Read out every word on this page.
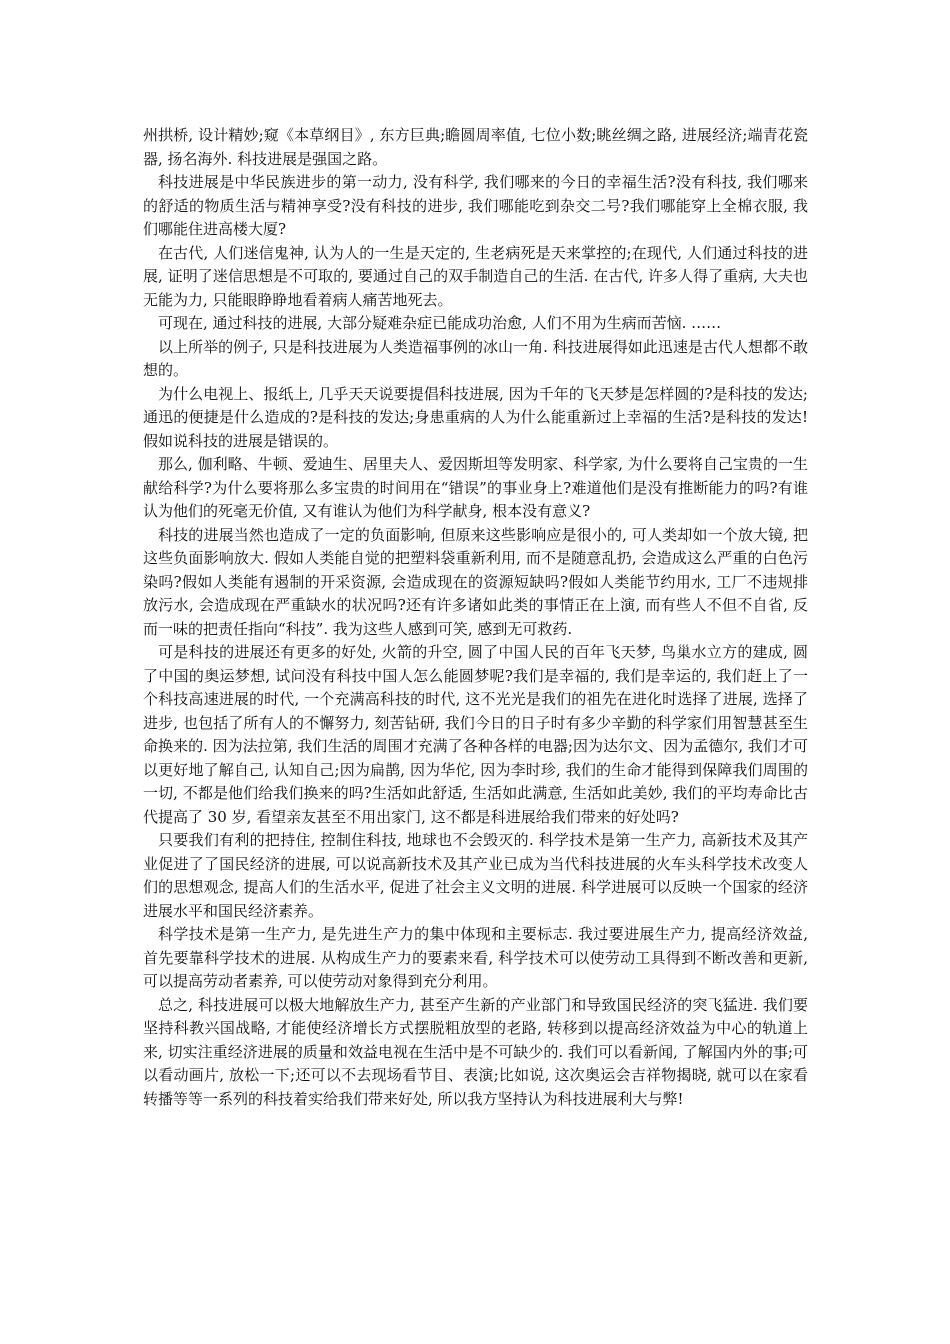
州拱桥, 设计精妙;窥《本草纲目》, 东方巨典;瞻圆周率值, 七位小数;眺丝绸之路, 进展经济;端青花瓷器, 扬名海外. 科技进展是强国之路。

科技进展是中华民族进步的第一动力, 没有科学, 我们哪来的今日的幸福生活?没有科技, 我们哪来的舒适的物质生活与精神享受?没有科技的进步, 我们哪能吃到杂交二号?我们哪能穿上全棉衣服, 我们哪能住进高楼大厦?

在古代, 人们迷信鬼神, 认为人的一生是天定的, 生老病死是天来掌控的;在现代, 人们通过科技的进展, 证明了迷信思想是不可取的, 要通过自己的双手制造自己的生活. 在古代, 许多人得了重病, 大夫也无能为力, 只能眼睁睁地看着病人痛苦地死去。

可现在, 通过科技的进展, 大部分疑难杂症已能成功治愈, 人们不用为生病而苦恼. ……

以上所举的例子, 只是科技进展为人类造福事例的冰山一角. 科技进展得如此迅速是古代人想都不敢想的。

为什么电视上、报纸上, 几乎天天说要提倡科技进展, 因为千年的飞天梦是怎样圆的?是科技的发达;通迅的便捷是什么造成的?是科技的发达;身患重病的人为什么能重新过上幸福的生活?是科技的发达!假如说科技的进展是错误的。

那么, 伽利略、牛顿、爱迪生、居里夫人、爱因斯坦等发明家、科学家, 为什么要将自己宝贵的一生献给科学?为什么要将那么多宝贵的时间用在“错误”的事业身上?难道他们是没有推断能力的吗?有谁认为他们的死毫无价值, 又有谁认为他们为科学献身, 根本没有意义?

科技的进展当然也造成了一定的负面影响, 但原来这些影响应是很小的, 可人类却如一个放大镜, 把这些负面影响放大. 假如人类能自觉的把塑料袋重新利用, 而不是随意乱扔, 会造成这么严重的白色污染吗?假如人类能有遏制的开采资源, 会造成现在的资源短缺吗?假如人类能节约用水, 工厂不违规排放污水, 会造成现在严重缺水的状况吗?还有许多诸如此类的事情正在上演, 而有些人不但不自省, 反而一味的把责任指向“科技”. 我为这些人感到可笑, 感到无可救药.

可是科技的进展还有更多的好处, 火箭的升空, 圆了中国人民的百年飞天梦, 鸟巢水立方的建成, 圆了中国的奥运梦想, 试问没有科技中国人怎么能圆梦呢?我们是幸福的, 我们是幸运的, 我们赶上了一个科技高速进展的时代, 一个充满高科技的时代, 这不光光是我们的祖先在进化时选择了进展, 选择了进步, 也包括了所有人的不懈努力, 刻苦钻研, 我们今日的日子时有多少辛勤的科学家们用智慧甚至生命换来的. 因为法拉第, 我们生活的周围才充满了各种各样的电器;因为达尔文、因为孟德尔, 我们才可以更好地了解自己, 认知自己;因为扁鹊, 因为华佗, 因为李时珍, 我们的生命才能得到保障我们周围的一切, 不都是他们给我们换来的吗?生活如此舒适, 生活如此满意, 生活如此美妙, 我们的平均寿命比古代提高了 30 岁, 看望亲友甚至不用出家门, 这不都是科进展给我们带来的好处吗?

只要我们有利的把持住, 控制住科技, 地球也不会毁灭的. 科学技术是第一生产力, 高新技术及其产业促进了了国民经济的进展, 可以说高新技术及其产业已成为当代科技进展的火车头科学技术改变人们的思想观念, 提高人们的生活水平, 促进了社会主义文明的进展. 科学进展可以反映一个国家的经济进展水平和国民经济素养。

科学技术是第一生产力, 是先进生产力的集中体现和主要标志. 我过要进展生产力, 提高经济效益, 首先要靠科学技术的进展. 从构成生产力的要素来看, 科学技术可以使劳动工具得到不断改善和更新, 可以提高劳动者素养, 可以使劳动对象得到充分利用。

总之, 科技进展可以极大地解放生产力, 甚至产生新的产业部门和导致国民经济的突飞猛进. 我们要坚持科教兴国战略, 才能使经济增长方式摆脱粗放型的老路, 转移到以提高经济效益为中心的轨道上来, 切实注重经济进展的质量和效益电视在生活中是不可缺少的. 我们可以看新闻, 了解国内外的事;可以看动画片, 放松一下;还可以不去现场看节目、表演;比如说, 这次奥运会吉祥物揭晓, 就可以在家看转播等等一系列的科技着实给我们带来好处, 所以我方坚持认为科技进展利大与弊!
